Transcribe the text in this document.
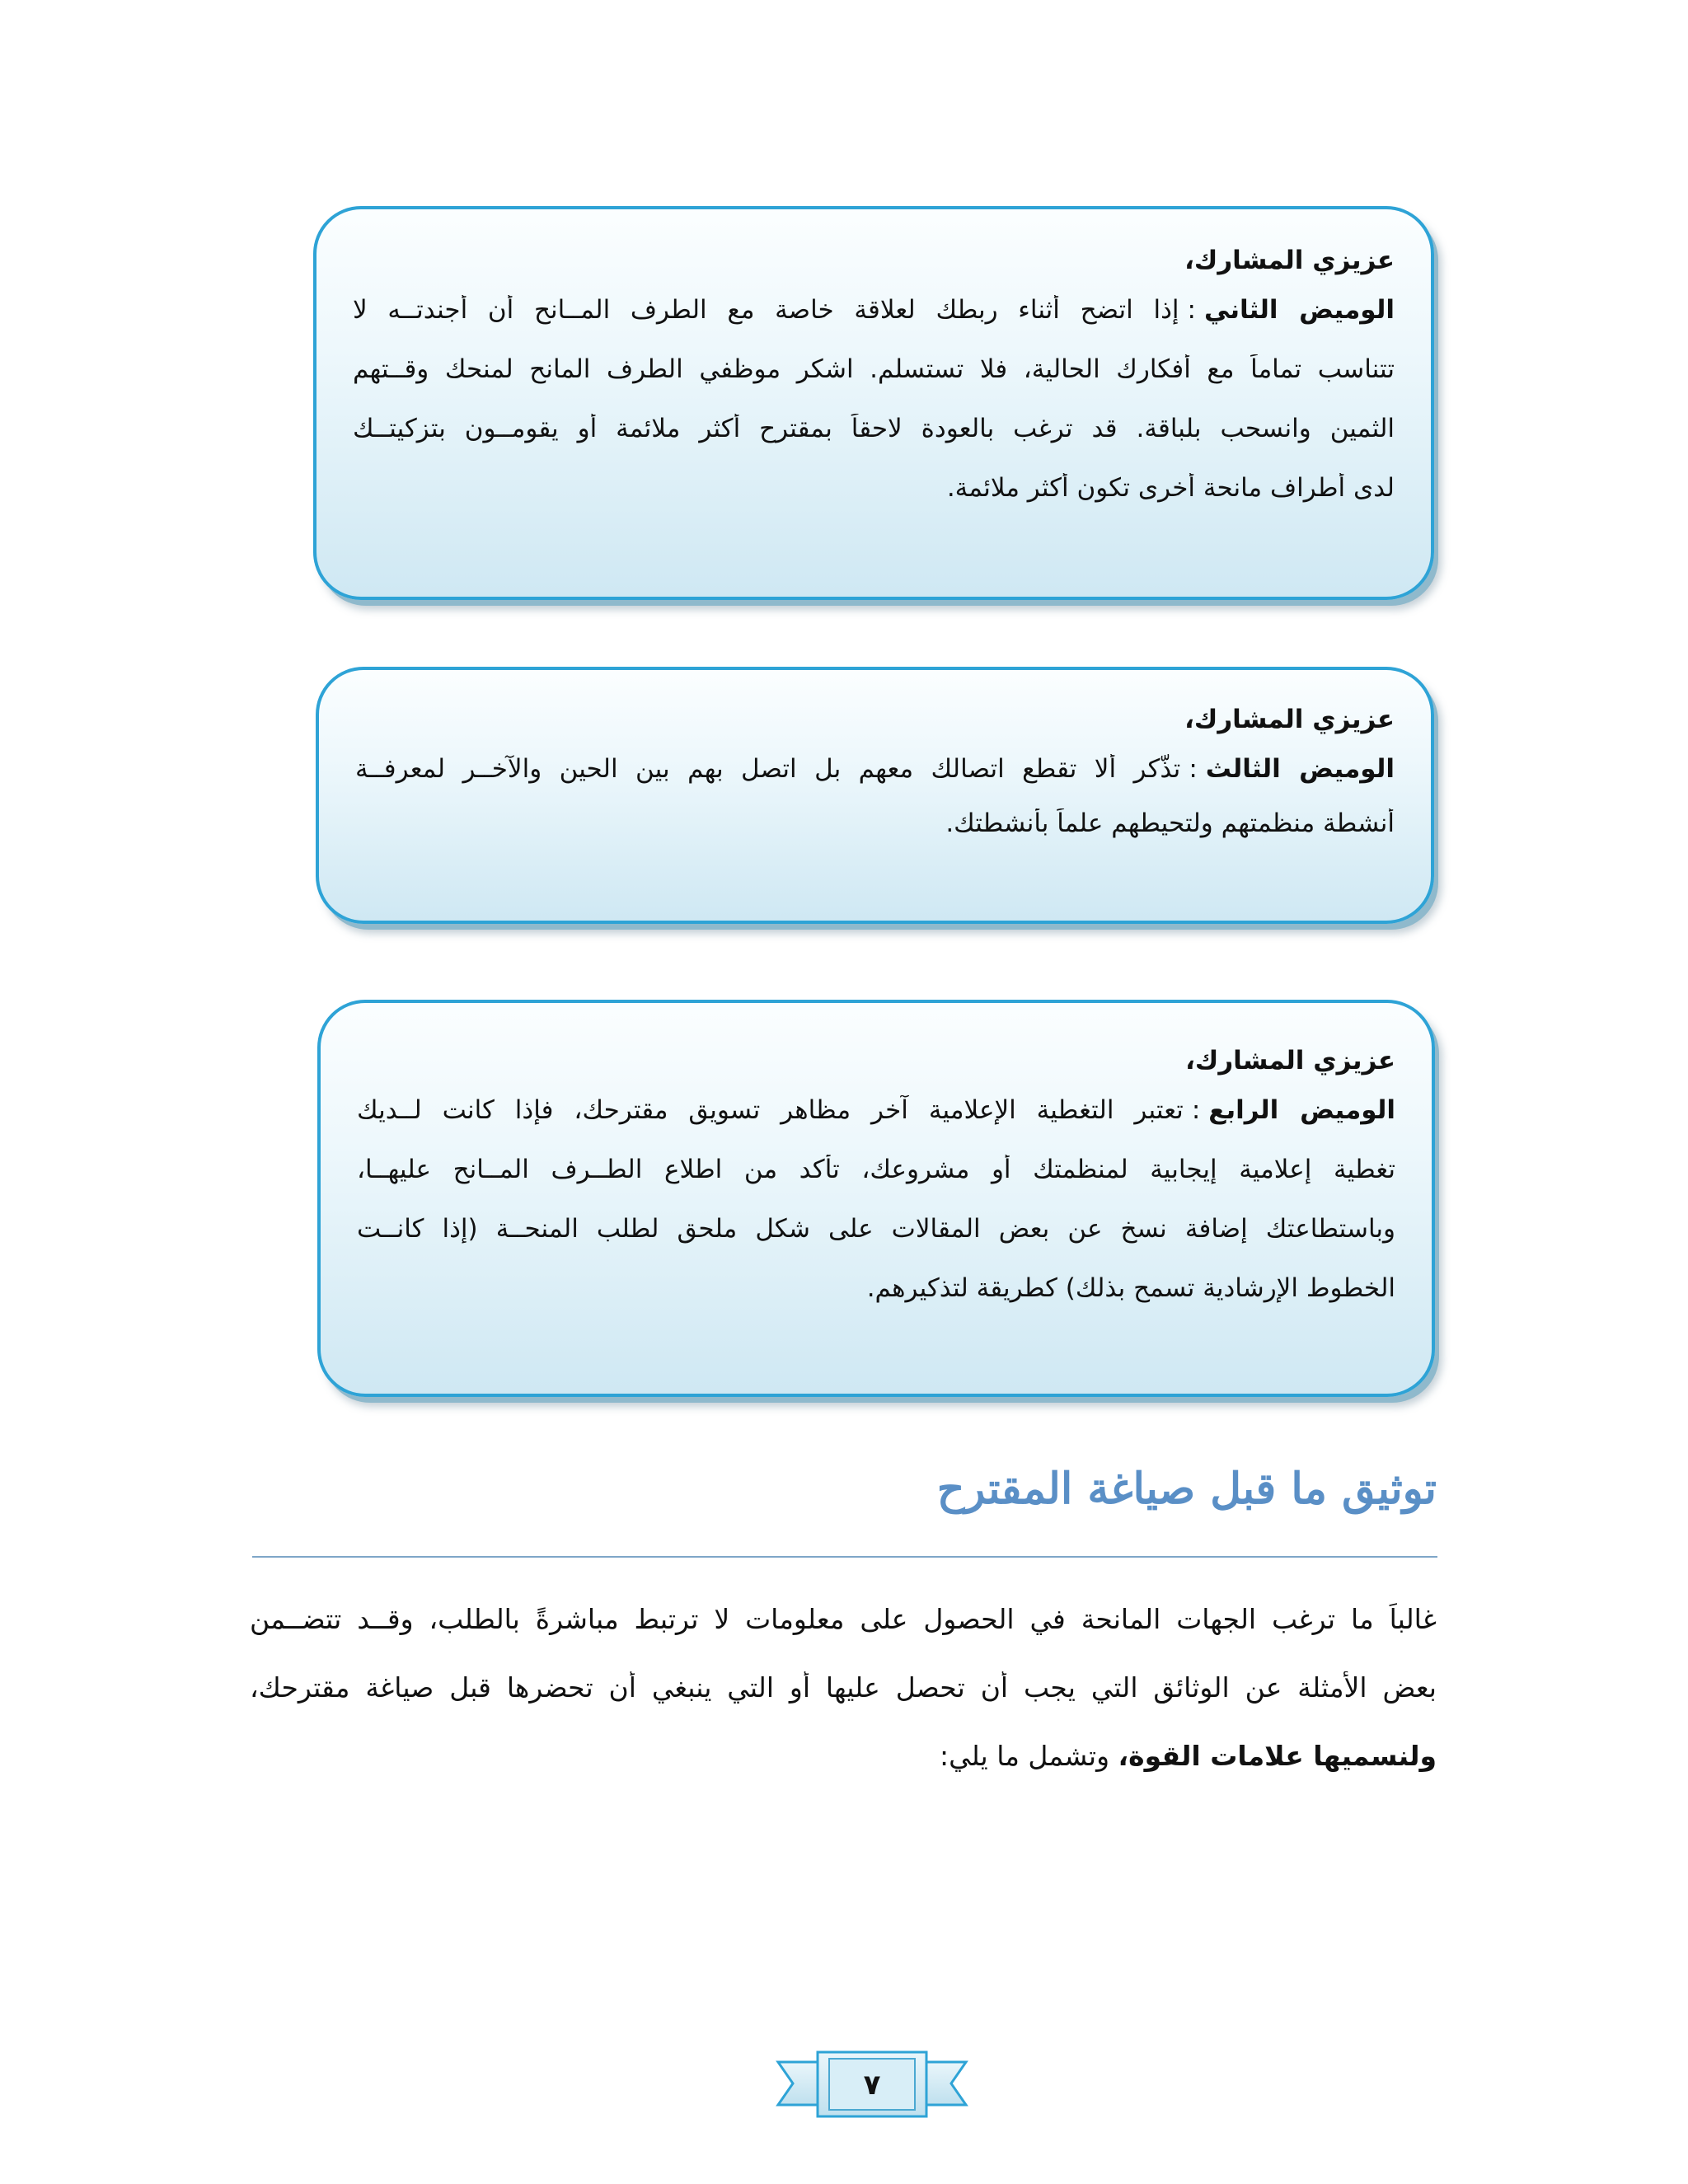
عزيزي المشارك،

الوميض الثاني:إذا اتضح أثناء ربطك لعلاقة خاصة مع الطرف المــانح أن أجندتــه لا

تتناسب تماماً مع أفكارك الحالية، فلا تستسلم. اشكر موظفي الطرف المانح لمنحك وقــتهم

الثمين وانسحب بلباقة. قد ترغب بالعودة لاحقاً بمقترح أكثر ملائمة أو يقومــون بتزكيتــك

لدى أطراف مانحة أخرى تكون أكثر ملائمة.

عزيزي المشارك،

الوميض الثالث:تذّكر ألا تقطع اتصالك معهم بل اتصل بهم بين الحين والآخــر لمعرفــة

أنشطة منظمتهم ولتحيطهم علماً بأنشطتك.

عزيزي المشارك،

الوميض الرابع:تعتبر التغطية الإعلامية آخر مظاهر تسويق مقترحك، فإذا كانت لــديك

تغطية إعلامية إيجابية لمنظمتك أو مشروعك، تأكد من اطلاع الطــرف المــانح عليهــا،

وباستطاعتك إضافة نسخ عن بعض المقالات على شكل ملحق لطلب المنحــة (إذا كانــت

الخطوط الإرشادية تسمح بذلك) كطريقة لتذكيرهم.

توثيق ما قبل صياغة المقترح

غالباً ما ترغب الجهات المانحة في الحصول على معلومات لا ترتبط مباشرةً بالطلب، وقــد تتضــمن

بعض الأمثلة عن الوثائق التي يجب أن تحصل عليها أو التي ينبغي أن تحضرها قبل صياغة مقترحك،

ولنسميها علامات القوة، وتشمل ما يلي:

٧
